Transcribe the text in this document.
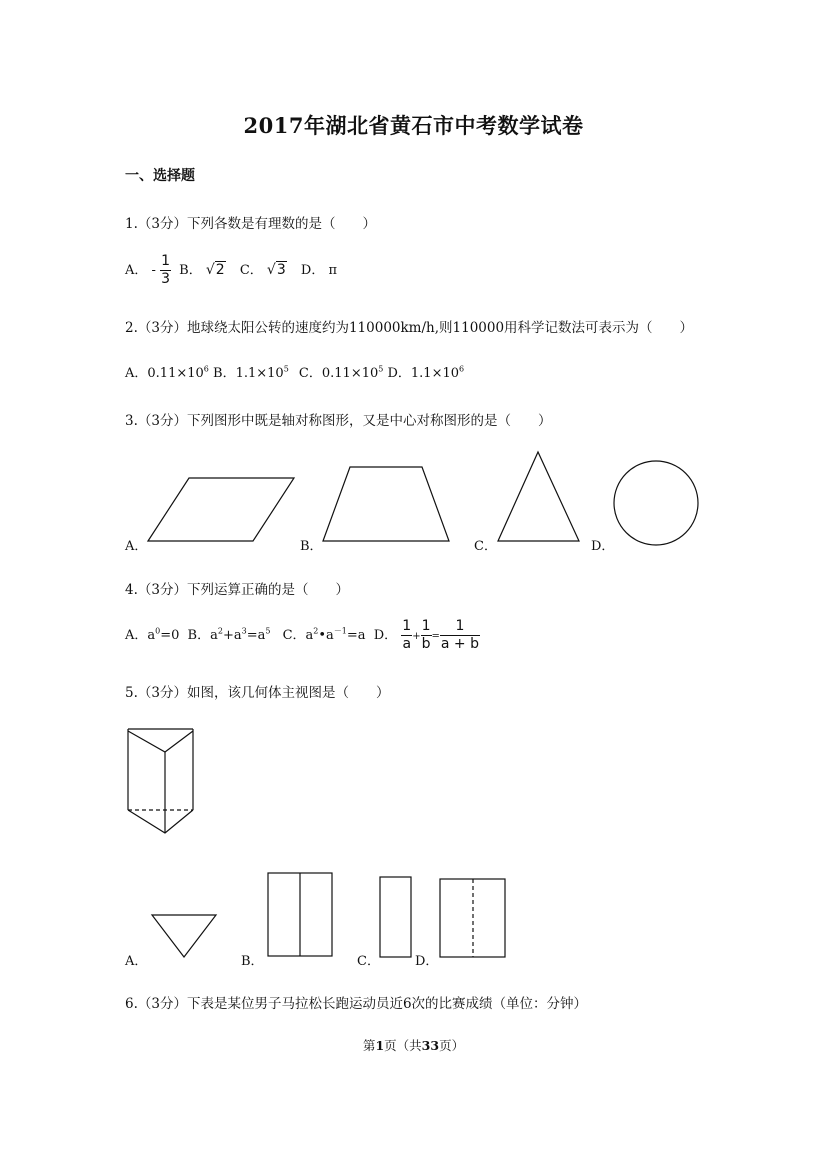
2017年湖北省黄石市中考数学试卷
一、选择题
1.（3分）下列各数是有理数的是（　　）
A． - $\frac{1}{3}$ B． √2 C． √3 D． π
2.（3分）地球绕太阳公转的速度约为110000km/h,则110000用科学记数法可表示为（　　）
A．$0.11\times 10^6$ B．$1.1\times 10^5$ C．$0.11\times 10^5$ D．$1.1\times 10^6$
3.（3分）下列图形中既是轴对称图形，又是中心对称图形的是（　　）
A．	B．	C．	D．
4.（3分）下列运算正确的是（　　）
A．$a^0=0$ B．$a^2+a^3=a^5$ C．$a^2•a^{-1}=a$ D． $\frac{1}{a} + \frac{1}{b} = \frac{1}{a + b}$
5.（3分）如图，该几何体主视图是（　　）
A．	B．	C．	D．
6.（3分）下表是某位男子马拉松长跑运动员近6次的比赛成绩（单位：分钟）
第1页（共33页）
